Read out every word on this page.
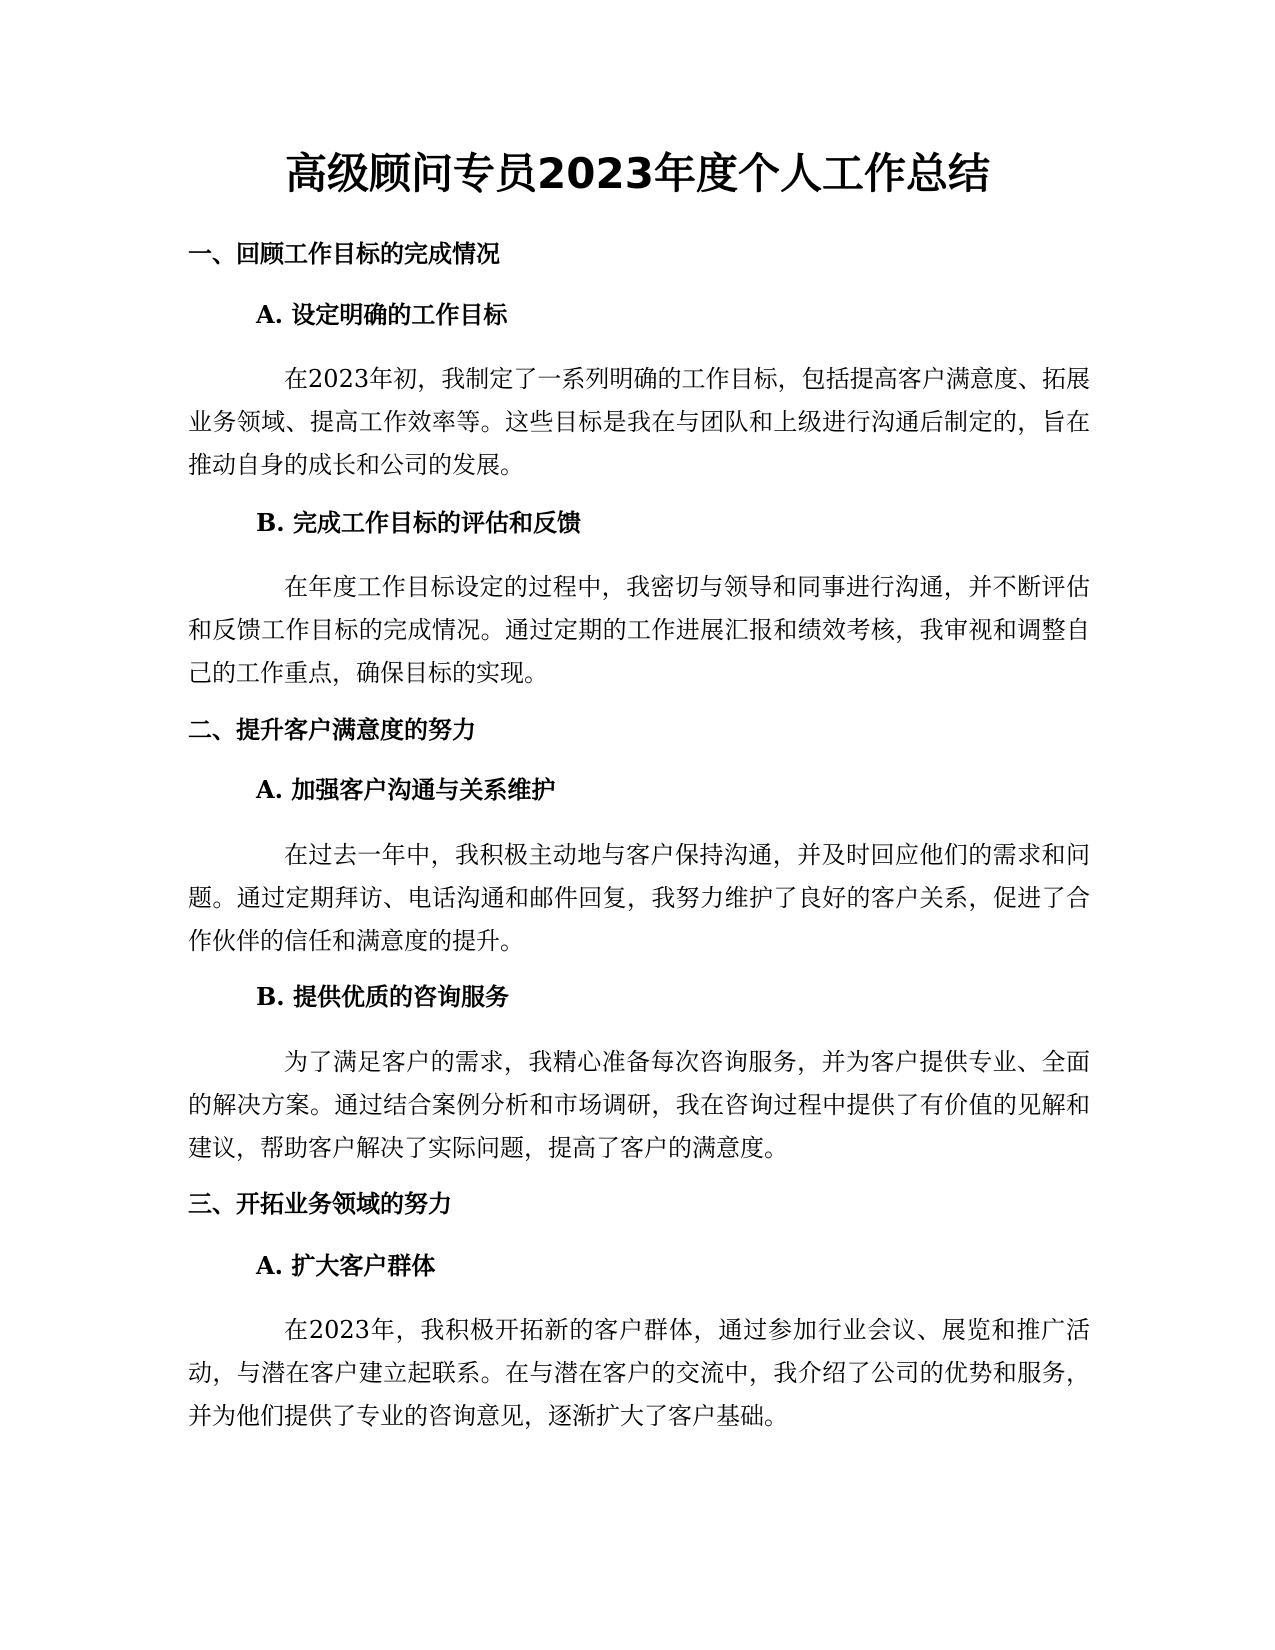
高级顾问专员2023年度个人工作总结
一、回顾工作目标的完成情况
A. 设定明确的工作目标

在2023年初，我制定了一系列明确的工作目标，包括提高客户满意度、拓展业务领域、提高工作效率等。这些目标是我在与团队和上级进行沟通后制定的，旨在推动自身的成长和公司的发展。

B. 完成工作目标的评估和反馈

在年度工作目标设定的过程中，我密切与领导和同事进行沟通，并不断评估和反馈工作目标的完成情况。通过定期的工作进展汇报和绩效考核，我审视和调整自己的工作重点，确保目标的实现。

二、提升客户满意度的努力
A. 加强客户沟通与关系维护

在过去一年中，我积极主动地与客户保持沟通，并及时回应他们的需求和问题。通过定期拜访、电话沟通和邮件回复，我努力维护了良好的客户关系，促进了合作伙伴的信任和满意度的提升。

B. 提供优质的咨询服务

为了满足客户的需求，我精心准备每次咨询服务，并为客户提供专业、全面的解决方案。通过结合案例分析和市场调研，我在咨询过程中提供了有价值的见解和建议，帮助客户解决了实际问题，提高了客户的满意度。

三、开拓业务领域的努力
A. 扩大客户群体

在2023年，我积极开拓新的客户群体，通过参加行业会议、展览和推广活动，与潜在客户建立起联系。在与潜在客户的交流中，我介绍了公司的优势和服务，并为他们提供了专业的咨询意见，逐渐扩大了客户基础。
